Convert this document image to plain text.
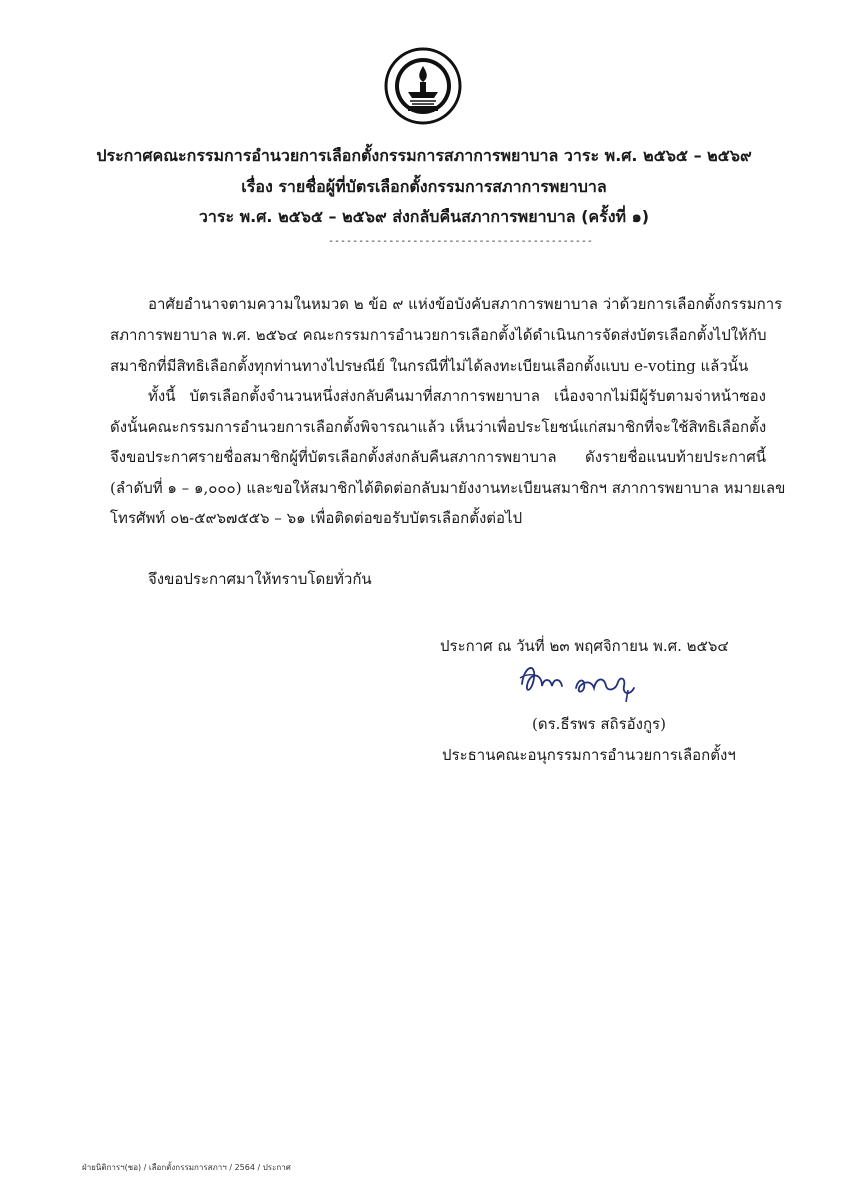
ประกาศคณะกรรมการอำนวยการเลือกตั้งกรรมการสภาการพยาบาล วาระ พ.ศ. ๒๕๖๕ – ๒๕๖๙
เรื่อง รายชื่อผู้ที่บัตรเลือกตั้งกรรมการสภาการพยาบาล
วาระ พ.ศ. ๒๕๖๕ – ๒๕๖๙ ส่งกลับคืนสภาการพยาบาล (ครั้งที่ ๑)
--------------------------------------------
อาศัยอำนาจตามความในหมวด ๒ ข้อ ๙ แห่งข้อบังคับสภาการพยาบาล ว่าด้วยการเลือกตั้งกรรมการ
สภาการพยาบาล พ.ศ. ๒๕๖๔ คณะกรรมการอำนวยการเลือกตั้งได้ดำเนินการจัดส่งบัตรเลือกตั้งไปให้กับ
สมาชิกที่มีสิทธิเลือกตั้งทุกท่านทางไปรษณีย์ ในกรณีที่ไม่ได้ลงทะเบียนเลือกตั้งแบบ e-voting แล้วนั้น
ทั้งนี้ บัตรเลือกตั้งจำนวนหนึ่งส่งกลับคืนมาที่สภาการพยาบาล เนื่องจากไม่มีผู้รับตามจ่าหน้าซอง
ดังนั้นคณะกรรมการอำนวยการเลือกตั้งพิจารณาแล้ว เห็นว่าเพื่อประโยชน์แก่สมาชิกที่จะใช้สิทธิเลือกตั้ง
จึงขอประกาศรายชื่อสมาชิกผู้ที่บัตรเลือกตั้งส่งกลับคืนสภาการพยาบาล ดังรายชื่อแนบท้ายประกาศนี้
(ลำดับที่ ๑ – ๑,๐๐๐) และขอให้สมาชิกได้ติดต่อกลับมายังงานทะเบียนสมาชิกฯ สภาการพยาบาล หมายเลข
โทรศัพท์ ๐๒-๕๙๖๗๕๕๖ – ๖๑ เพื่อติดต่อขอรับบัตรเลือกตั้งต่อไป
จึงขอประกาศมาให้ทราบโดยทั่วกัน
ประกาศ ณ วันที่ ๒๓ พฤศจิกายน พ.ศ. ๒๕๖๔
(ดร.ธีรพร สถิรอังกูร)
ประธานคณะอนุกรรมการอำนวยการเลือกตั้งฯ
ฝ่ายนิติการฯ(ชอ) / เลือกตั้งกรรมการสภาฯ / 2564 / ประกาศ
